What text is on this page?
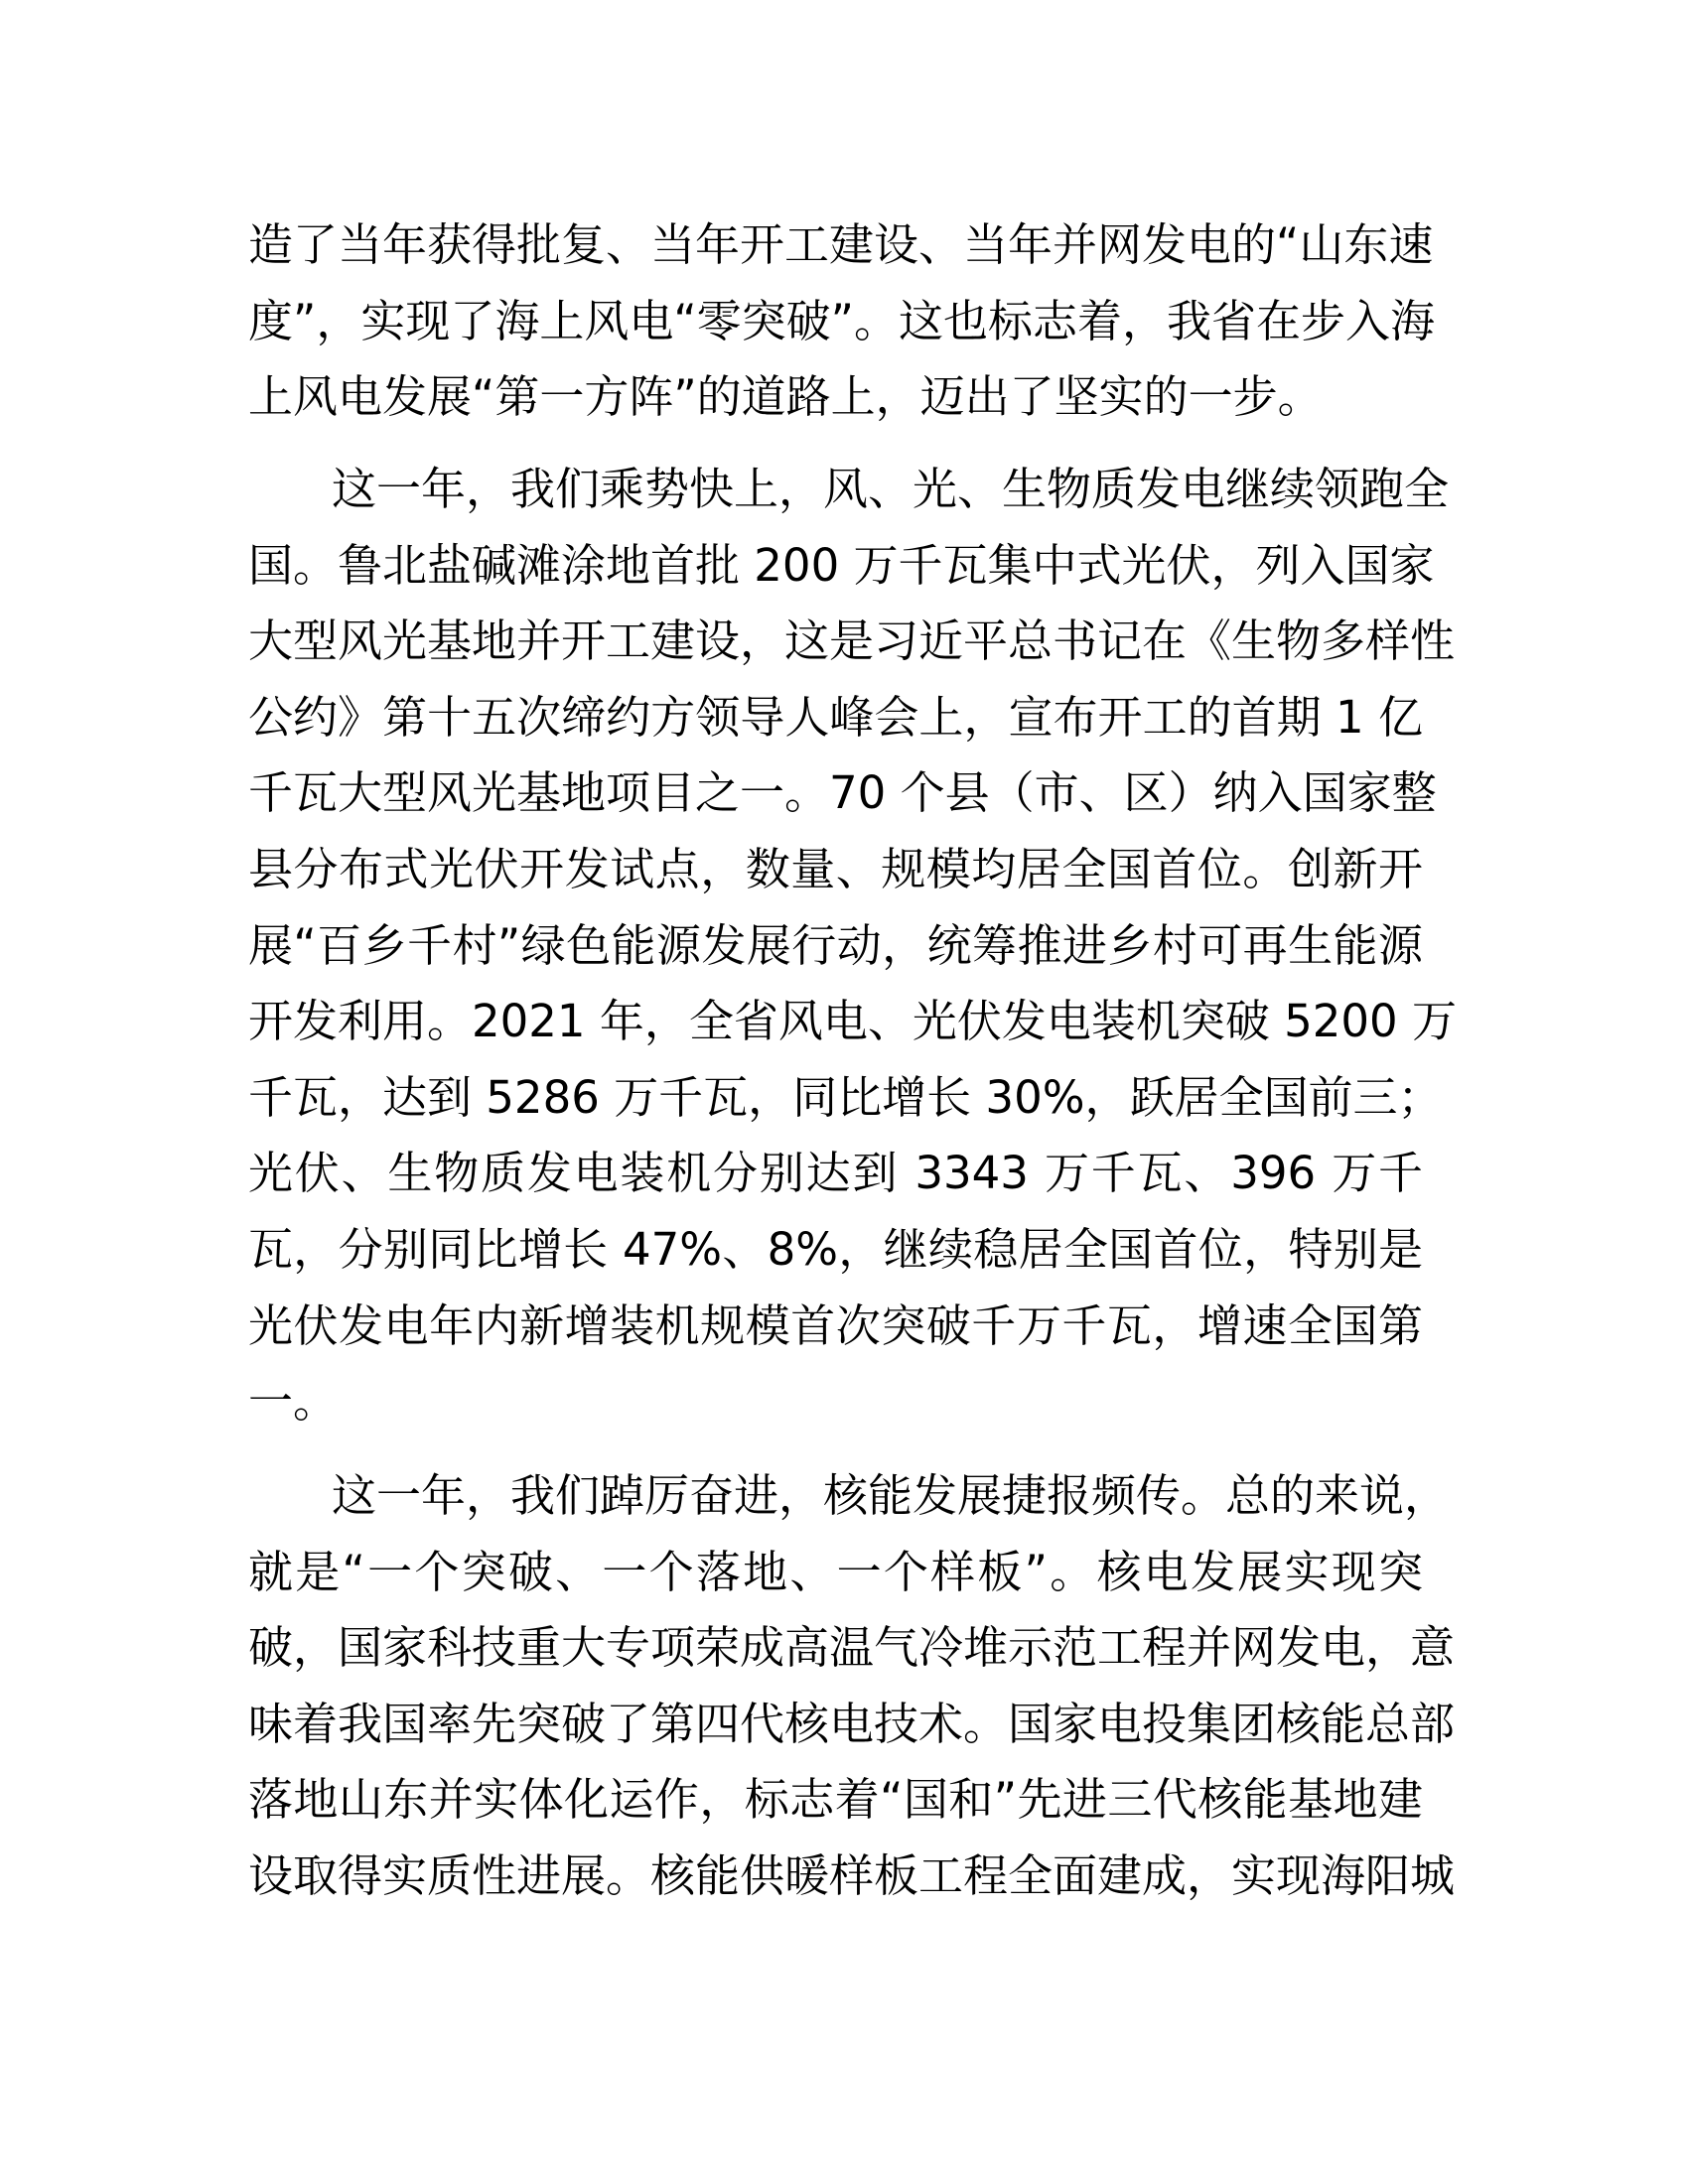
造了当年获得批复、当年开工建设、当年并网发电的“山东速
度”，实现了海上风电“零突破”。这也标志着，我省在步入海
上风电发展“第一方阵”的道路上，迈出了坚实的一步。
这一年，我们乘势快上，风、光、生物质发电继续领跑全
国。鲁北盐碱滩涂地首批 200 万千瓦集中式光伏，列入国家
大型风光基地并开工建设，这是习近平总书记在《生物多样性
公约》第十五次缔约方领导人峰会上，宣布开工的首期 1 亿
千瓦大型风光基地项目之一。70 个县（市、区）纳入国家整
县分布式光伏开发试点，数量、规模均居全国首位。创新开
展“百乡千村”绿色能源发展行动，统筹推进乡村可再生能源
开发利用。2021 年，全省风电、光伏发电装机突破 5200 万
千瓦，达到 5286 万千瓦，同比增长 30%，跃居全国前三；
光伏、生物质发电装机分别达到 3343 万千瓦、396 万千
瓦，分别同比增长 47%、8%，继续稳居全国首位，特别是
光伏发电年内新增装机规模首次突破千万千瓦，增速全国第
一。
这一年，我们踔厉奋进，核能发展捷报频传。总的来说，
就是“一个突破、一个落地、一个样板”。核电发展实现突
破，国家科技重大专项荣成高温气冷堆示范工程并网发电，意
味着我国率先突破了第四代核电技术。国家电投集团核能总部
落地山东并实体化运作，标志着“国和”先进三代核能基地建
设取得实质性进展。核能供暖样板工程全面建成，实现海阳城
